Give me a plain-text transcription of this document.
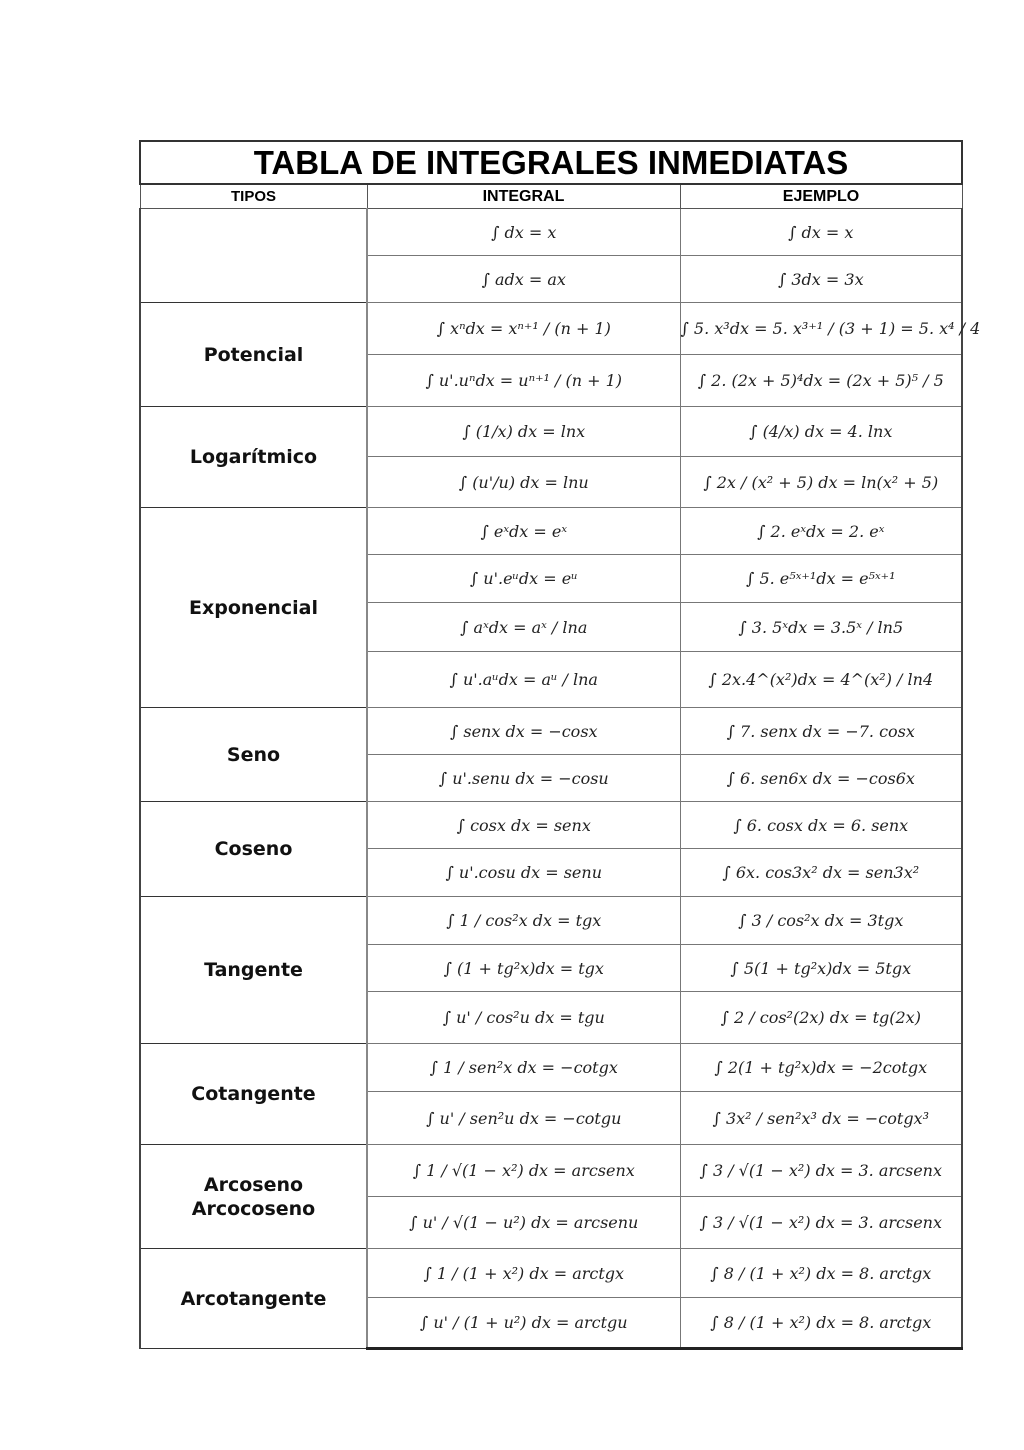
TABLA DE INTEGRALES INMEDIATAS		
TIPOS	INTEGRAL	EJEMPLO
	∫ dx = x	∫ dx = x
	∫ adx = ax	∫ 3dx = 3x
Potencial	∫ xⁿdx = xⁿ⁺¹ / (n + 1)	∫ 5. x³dx = 5. x³⁺¹ / (3 + 1) = 5. x⁴ / 4
	∫ u'.uⁿdx = uⁿ⁺¹ / (n + 1)	∫ 2. (2x + 5)⁴dx = (2x + 5)⁵ / 5
Logarítmico	∫ (1/x) dx = lnx	∫ (4/x) dx = 4. lnx
	∫ (u'/u) dx = lnu	∫ 2x / (x² + 5) dx = ln(x² + 5)
Exponencial	∫ eˣdx = eˣ	∫ 2. eˣdx = 2. eˣ
	∫ u'.eᵘdx = eᵘ	∫ 5. e⁵ˣ⁺¹dx = e⁵ˣ⁺¹
	∫ aˣdx = aˣ / lna	∫ 3. 5ˣdx = 3.5ˣ / ln5
	∫ u'.aᵘdx = aᵘ / lna	∫ 2x.4^(x²)dx = 4^(x²) / ln4
Seno	∫ senx dx = −cosx	∫ 7. senx dx = −7. cosx
	∫ u'.senu dx = −cosu	∫ 6. sen6x dx = −cos6x
Coseno	∫ cosx dx = senx	∫ 6. cosx dx = 6. senx
	∫ u'.cosu dx = senu	∫ 6x. cos3x² dx = sen3x²
Tangente	∫ 1 / cos²x dx = tgx	∫ 3 / cos²x dx = 3tgx
	∫ (1 + tg²x)dx = tgx	∫ 5(1 + tg²x)dx = 5tgx
	∫ u' / cos²u dx = tgu	∫ 2 / cos²(2x) dx = tg(2x)
Cotangente	∫ 1 / sen²x dx = −cotgx	∫ 2(1 + tg²x)dx = −2cotgx
	∫ u' / sen²u dx = −cotgu	∫ 3x² / sen²x³ dx = −cotgx³

Arcoseno
Arcocoseno	∫ 1 / √(1 − x²) dx = arcsenx	∫ 3 / √(1 − x²) dx = 3. arcsenx
	∫ u' / √(1 − u²) dx = arcsenu	∫ 3 / √(1 − x²) dx = 3. arcsenx
Arcotangente	∫ 1 / (1 + x²) dx = arctgx	∫ 8 / (1 + x²) dx = 8. arctgx
	∫ u' / (1 + u²) dx = arctgu	∫ 8 / (1 + x²) dx = 8. arctgx
